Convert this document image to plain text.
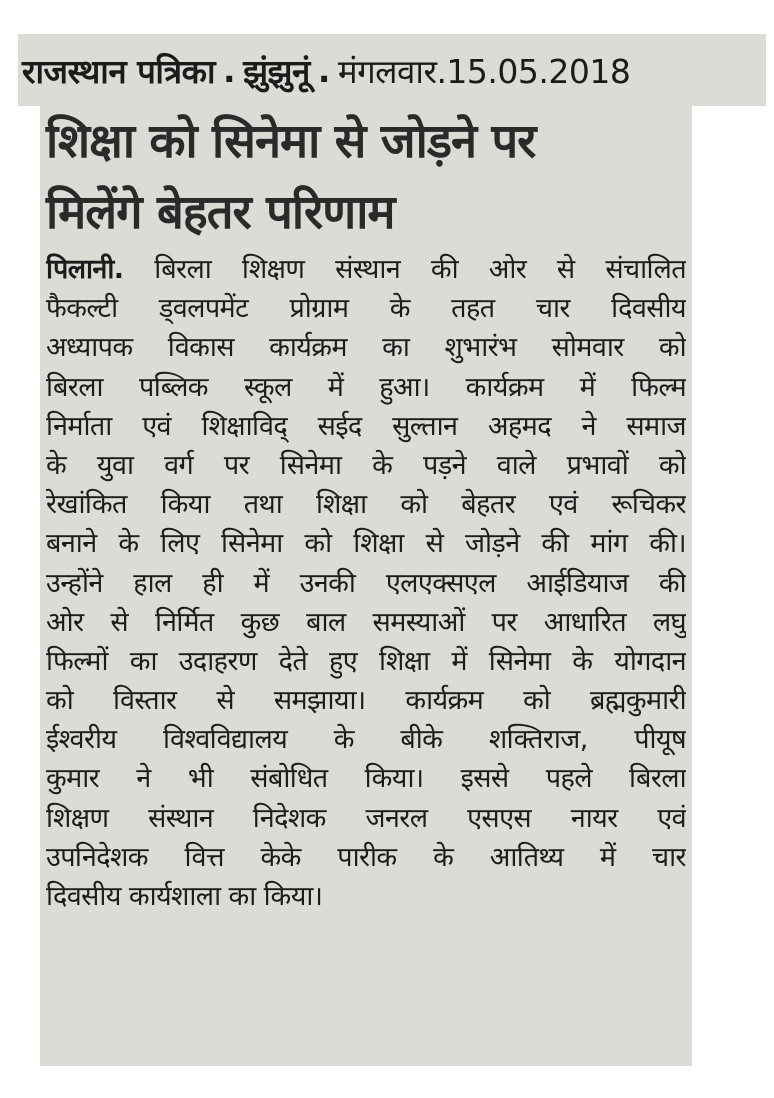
राजस्थान पत्रिका . झुंझुनूं . मंगलवार.15.05.2018
शिक्षा को सिनेमा से जोड़ने पर
मिलेंगे बेहतर परिणाम
पिलानी. बिरला शिक्षण संस्थान की ओर से संचालित
फैकल्टी ड्वलपमेंट प्रोग्राम के तहत चार दिवसीय
अध्यापक विकास कार्यक्रम का शुभारंभ सोमवार को
बिरला पब्लिक स्कूल में हुआ। कार्यक्रम में फिल्म
निर्माता एवं शिक्षाविद् सईद सुल्तान अहमद ने समाज
के युवा वर्ग पर सिनेमा के पड़ने वाले प्रभावों को
रेखांकित किया तथा शिक्षा को बेहतर एवं रूचिकर
बनाने के लिए सिनेमा को शिक्षा से जोड़ने की मांग की।
उन्होंने हाल ही में उनकी एलएक्सएल आईडियाज की
ओर से निर्मित कुछ बाल समस्याओं पर आधारित लघु
फिल्मों का उदाहरण देते हुए शिक्षा में सिनेमा के योगदान
को विस्तार से समझाया। कार्यक्रम को ब्रह्मकुमारी
ईश्वरीय विश्वविद्यालय के बीके शक्तिराज, पीयूष
कुमार ने भी संबोधित किया। इससे पहले बिरला
शिक्षण संस्थान निदेशक जनरल एसएस नायर एवं
उपनिदेशक वित्त केके पारीक के आतिथ्य में चार
दिवसीय कार्यशाला का किया।
